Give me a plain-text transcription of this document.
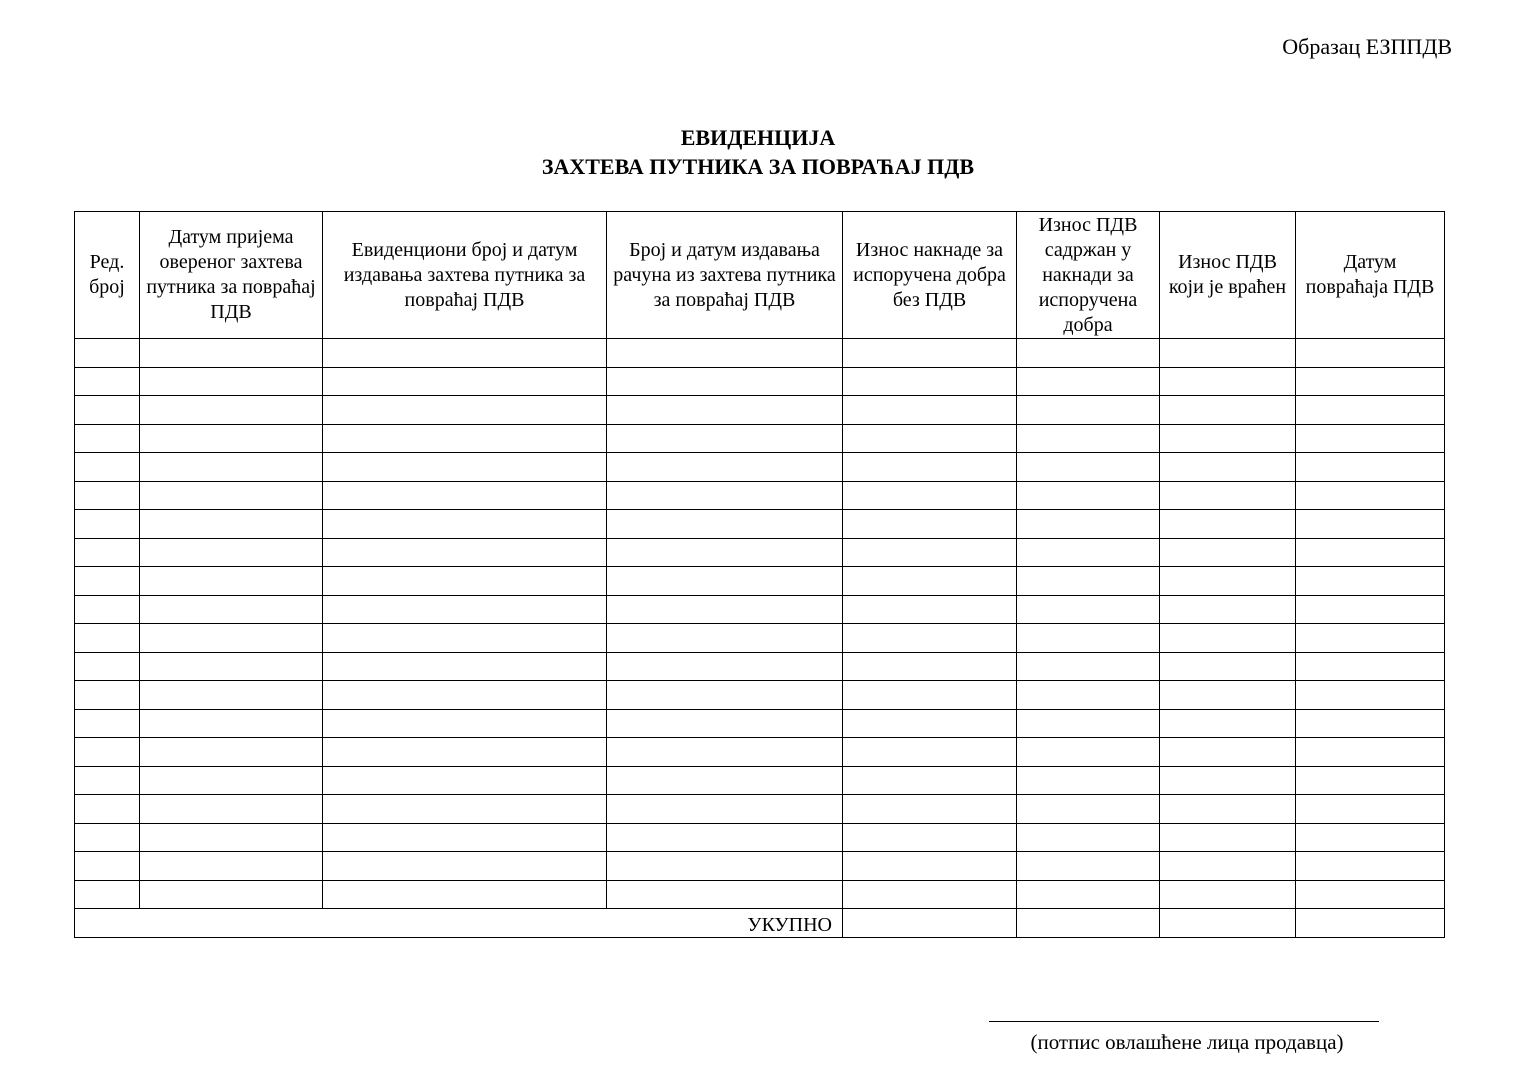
Образац ЕЗППДВ
ЕВИДЕНЦИЈА
ЗАХТЕВА ПУТНИКА ЗА ПОВРАЋАЈ ПДВ
Ред. број	Датум пријема овереног захтева путника за повраћај ПДВ	Евиденциони број и датум издавања захтева путника за повраћај ПДВ	Број и датум издавања рачуна из захтева путника за повраћај ПДВ	Износ накнаде за испоручена добра без ПДВ	Износ ПДВ садржан у накнади за испоручена добра	Износ ПДВ који је враћен	Датум повраћаја ПДВ

УКУПНО							
(потпис овлашћене лица продавца)
